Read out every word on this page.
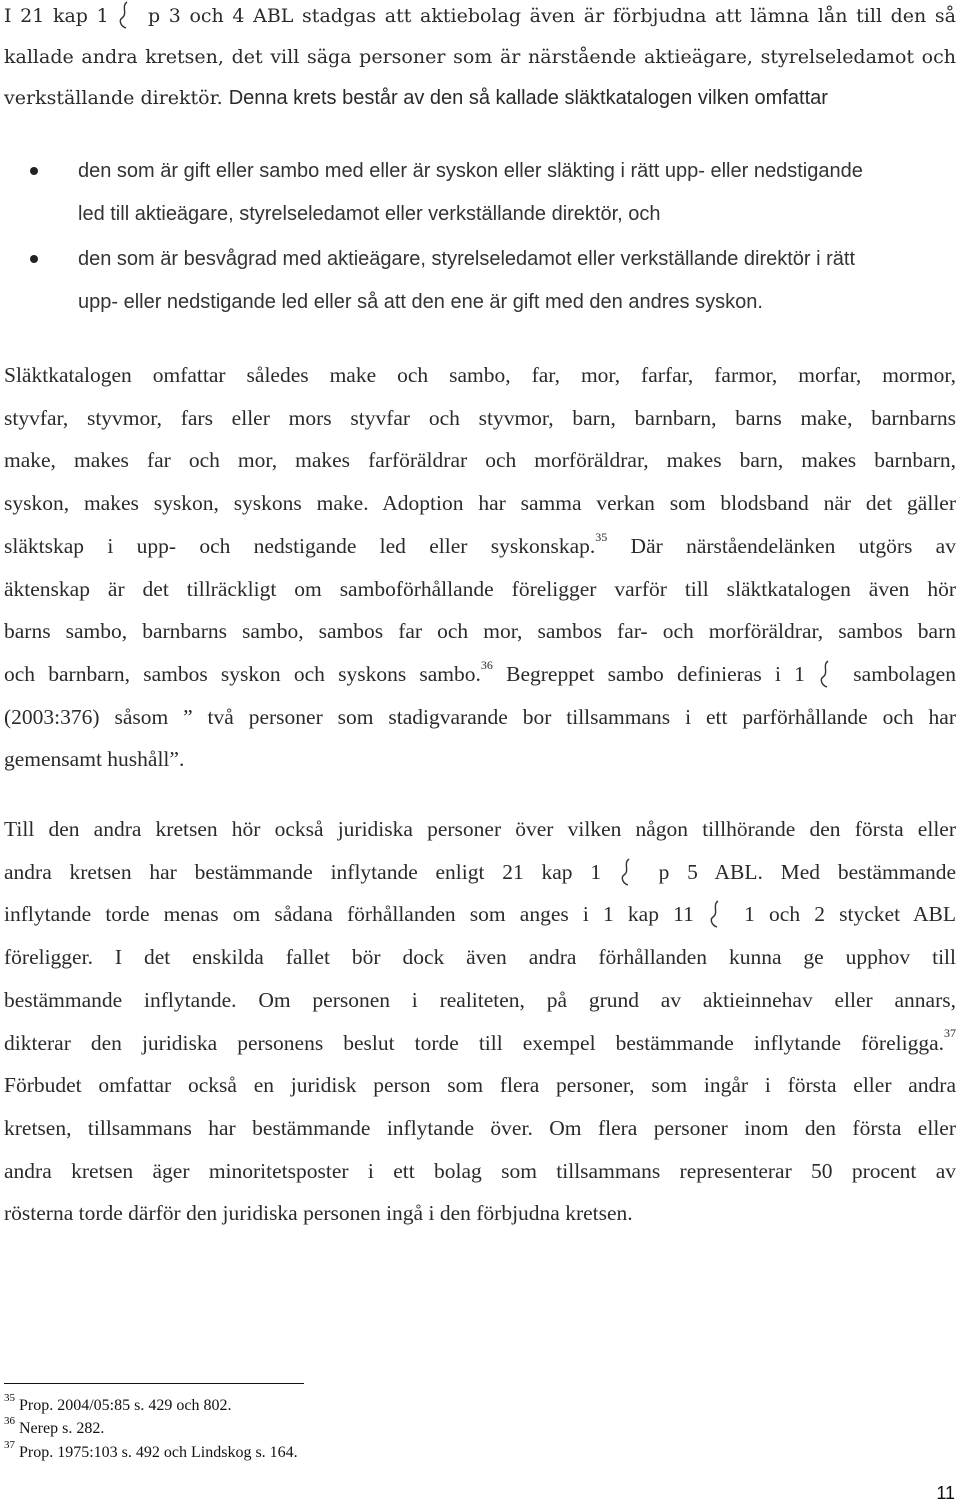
I 21 kap 1 p 3 och 4 ABL stadgas att aktiebolag även är förbjudna att lämna lån till den så
kallade andra kretsen, det vill säga personer som är närstående aktieägare, styrelseledamot och
verkställande direktör. Denna krets består av den så kallade släktkatalogen vilken omfattar
den som är gift eller sambo med eller är syskon eller släkting i rätt upp- eller nedstigande
led till aktieägare, styrelseledamot eller verkställande direktör, och
den som är besvågrad med aktieägare, styrelseledamot eller verkställande direktör i rätt
upp- eller nedstigande led eller så att den ene är gift med den andres syskon.
Släktkatalogen omfattar således make och sambo, far, mor, farfar, farmor, morfar, mormor,
styvfar, styvmor, fars eller mors styvfar och styvmor, barn, barnbarn, barns make, barnbarns
make, makes far och mor, makes farföräldrar och morföräldrar, makes barn, makes barnbarn,
syskon, makes syskon, syskons make. Adoption har samma verkan som blodsband när det gäller
släktskap i upp- och nedstigande led eller syskonskap.$^{35}$ Där närståendelänken utgörs av
äktenskap är det tillräckligt om samboförhållande föreligger varför till släktkatalogen även hör
barns sambo, barnbarns sambo, sambos far och mor, sambos far- och morföräldrar, sambos barn
och barnbarn, sambos syskon och syskons sambo.$^{36}$ Begreppet sambo definieras i 1 sambolagen
(2003:376) såsom ” två personer som stadigvarande bor tillsammans i ett parförhållande och har
gemensamt hushåll”.
Till den andra kretsen hör också juridiska personer över vilken någon tillhörande den första eller
andra kretsen har bestämmande inflytande enligt 21 kap 1	p 5 ABL. Med bestämmande
inflytande torde menas om sådana förhållanden som anges i 1 kap 11 1 och 2 stycket ABL
föreligger. I det enskilda fallet bör dock även andra förhållanden kunna ge upphov till
bestämmande inflytande. Om personen i realiteten, på grund av aktieinnehav eller annars,
dikterar den juridiska personens beslut torde till exempel bestämmande inflytande föreligga.$^{37}$
Förbudet omfattar också en juridisk person som flera personer, som ingår i första eller andra
kretsen, tillsammans har bestämmande inflytande över. Om flera personer inom den första eller
andra kretsen äger minoritetsposter i ett bolag som tillsammans representerar 50 procent av
rösterna torde därför den juridiska personen ingå i den förbjudna kretsen.
$^{35}$ Prop. 2004/05:85 s. 429 och 802.
$^{36}$ Nerep s. 282.
$^{37}$ Prop. 1975:103 s. 492 och Lindskog s. 164.
11
